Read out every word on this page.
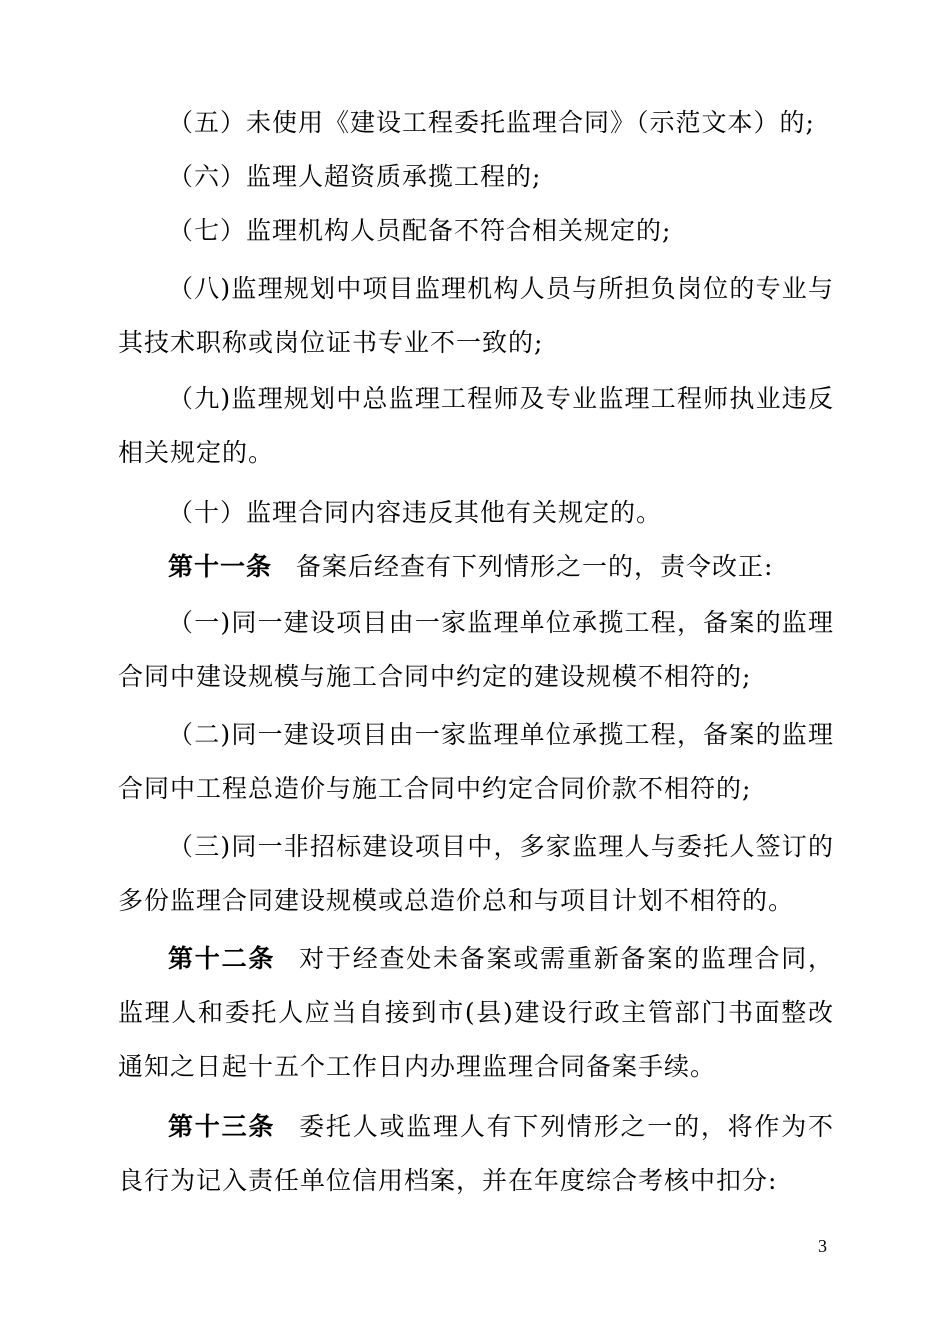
（五）未使用《建设工程委托监理合同》（示范文本）的;

（六）监理人超资质承揽工程的;

（七）监理机构人员配备不符合相关规定的;

（八)监理规划中项目监理机构人员与所担负岗位的专业与其技术职称或岗位证书专业不一致的;

（九)监理规划中总监理工程师及专业监理工程师执业违反相关规定的。

（十）监理合同内容违反其他有关规定的。

第十一条 备案后经查有下列情形之一的，责令改正:

（一)同一建设项目由一家监理单位承揽工程，备案的监理合同中建设规模与施工合同中约定的建设规模不相符的;

（二)同一建设项目由一家监理单位承揽工程，备案的监理合同中工程总造价与施工合同中约定合同价款不相符的;

（三)同一非招标建设项目中，多家监理人与委托人签订的多份监理合同建设规模或总造价总和与项目计划不相符的。

第十二条 对于经查处未备案或需重新备案的监理合同，监理人和委托人应当自接到市(县)建设行政主管部门书面整改通知之日起十五个工作日内办理监理合同备案手续。

第十三条 委托人或监理人有下列情形之一的，将作为不良行为记入责任单位信用档案，并在年度综合考核中扣分:

3
